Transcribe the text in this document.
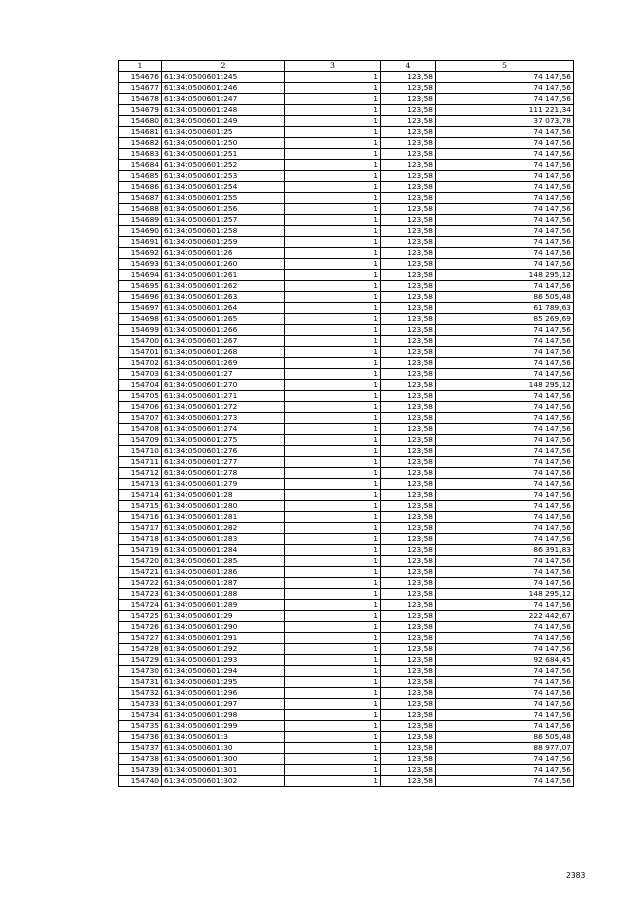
1	2	3	4	5
154676	61:34:0500601:245	1	123,58	74 147,56
154677	61:34:0500601:246	1	123,58	74 147,56
154678	61:34:0500601:247	1	123,58	74 147,56
154679	61:34:0500601:248	1	123,58	111 221,34
154680	61:34:0500601:249	1	123,58	37 073,78
154681	61:34:0500601:25	1	123,58	74 147,56
154682	61:34:0500601:250	1	123,58	74 147,56
154683	61:34:0500601:251	1	123,58	74 147,56
154684	61:34:0500601:252	1	123,58	74 147,56
154685	61:34:0500601:253	1	123,58	74 147,56
154686	61:34:0500601:254	1	123,58	74 147,56
154687	61:34:0500601:255	1	123,58	74 147,56
154688	61:34:0500601:256	1	123,58	74 147,56
154689	61:34:0500601:257	1	123,58	74 147,56
154690	61:34:0500601:258	1	123,58	74 147,56
154691	61:34:0500601:259	1	123,58	74 147,56
154692	61:34:0500601:26	1	123,58	74 147,56
154693	61:34:0500601:260	1	123,58	74 147,56
154694	61:34:0500601:261	1	123,58	148 295,12
154695	61:34:0500601:262	1	123,58	74 147,56
154696	61:34:0500601:263	1	123,58	86 505,48
154697	61:34:0500601:264	1	123,58	61 789,63
154698	61:34:0500601:265	1	123,58	85 269,69
154699	61:34:0500601:266	1	123,58	74 147,56
154700	61:34:0500601:267	1	123,58	74 147,56
154701	61:34:0500601:268	1	123,58	74 147,56
154702	61:34:0500601:269	1	123,58	74 147,56
154703	61:34:0500601:27	1	123,58	74 147,56
154704	61:34:0500601:270	1	123,58	148 295,12
154705	61:34:0500601:271	1	123,58	74 147,56
154706	61:34:0500601:272	1	123,58	74 147,56
154707	61:34:0500601:273	1	123,58	74 147,56
154708	61:34:0500601:274	1	123,58	74 147,56
154709	61:34:0500601:275	1	123,58	74 147,56
154710	61:34:0500601:276	1	123,58	74 147,56
154711	61:34:0500601:277	1	123,58	74 147,56
154712	61:34:0500601:278	1	123,58	74 147,56
154713	61:34:0500601:279	1	123,58	74 147,56
154714	61:34:0500601:28	1	123,58	74 147,56
154715	61:34:0500601:280	1	123,58	74 147,56
154716	61:34:0500601:281	1	123,58	74 147,56
154717	61:34:0500601:282	1	123,58	74 147,56
154718	61:34:0500601:283	1	123,58	74 147,56
154719	61:34:0500601:284	1	123,58	86 391,83
154720	61:34:0500601:285	1	123,58	74 147,56
154721	61:34:0500601:286	1	123,58	74 147,56
154722	61:34:0500601:287	1	123,58	74 147,56
154723	61:34:0500601:288	1	123,58	148 295,12
154724	61:34:0500601:289	1	123,58	74 147,56
154725	61:34:0500601:29	1	123,58	222 442,67
154726	61:34:0500601:290	1	123,58	74 147,56
154727	61:34:0500601:291	1	123,58	74 147,56
154728	61:34:0500601:292	1	123,58	74 147,56
154729	61:34:0500601:293	1	123,58	92 684,45
154730	61:34:0500601:294	1	123,58	74 147,56
154731	61:34:0500601:295	1	123,58	74 147,56
154732	61:34:0500601:296	1	123,58	74 147,56
154733	61:34:0500601:297	1	123,58	74 147,56
154734	61:34:0500601:298	1	123,58	74 147,56
154735	61:34:0500601:299	1	123,58	74 147,56
154736	61:34:0500601:3	1	123,58	86 505,48
154737	61:34:0500601:30	1	123,58	88 977,07
154738	61:34:0500601:300	1	123,58	74 147,56
154739	61:34:0500601:301	1	123,58	74 147,56
154740	61:34:0500601:302	1	123,58	74 147,56
2383
